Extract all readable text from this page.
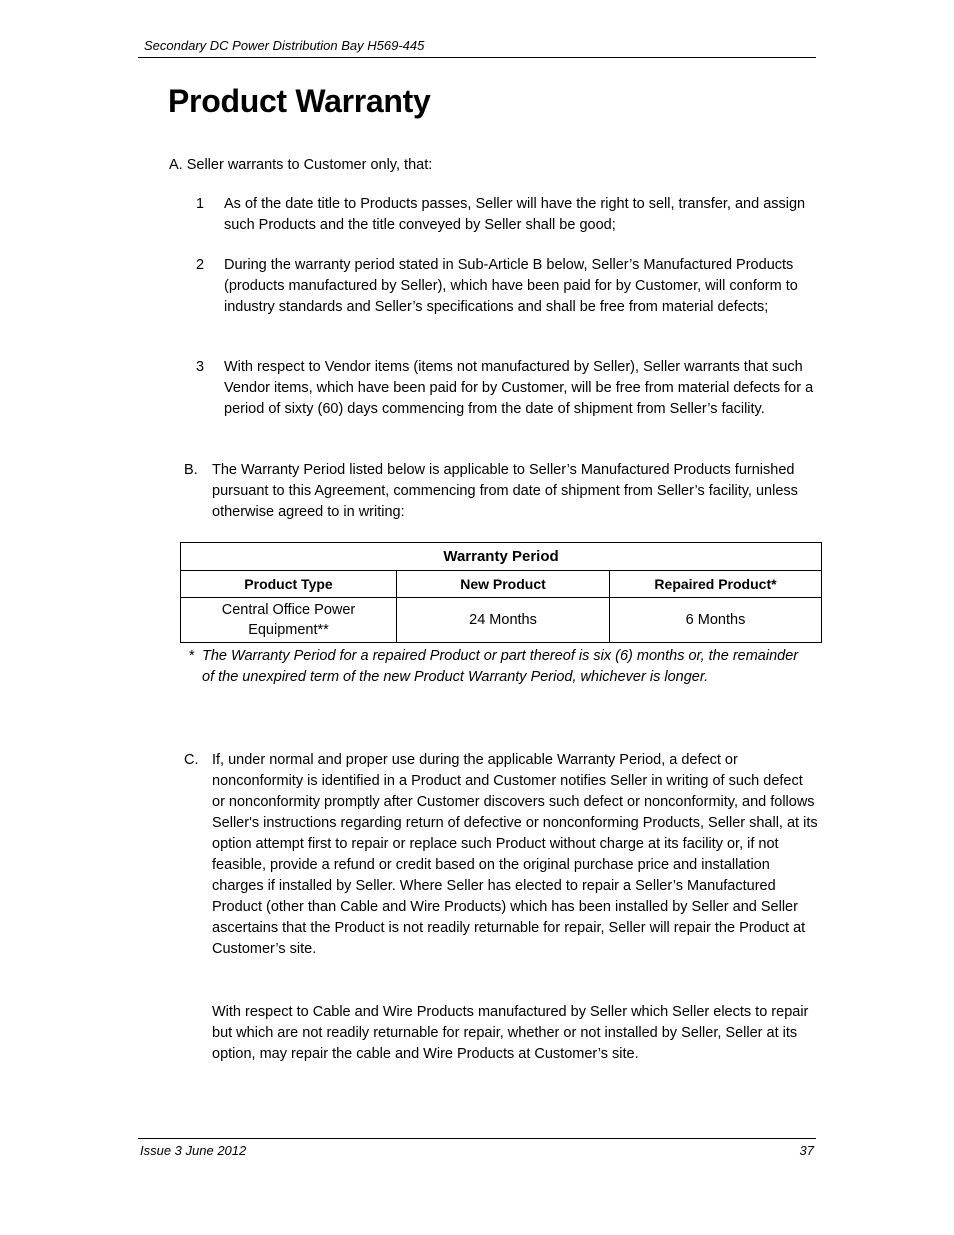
Secondary DC Power Distribution Bay H569-445
Product Warranty
A. Seller warrants to Customer only, that:
1 As of the date title to Products passes, Seller will have the right to sell, transfer, and assign such Products and the title conveyed by Seller shall be good;
2 During the warranty period stated in Sub-Article B below, Seller’s Manufactured Products (products manufactured by Seller), which have been paid for by Customer, will conform to industry standards and Seller’s specifications and shall be free from material defects;
3 With respect to Vendor items (items not manufactured by Seller), Seller warrants that such Vendor items, which have been paid for by Customer, will be free from material defects for a period of sixty (60) days commencing from the date of shipment from Seller’s facility.
B. The Warranty Period listed below is applicable to Seller’s Manufactured Products furnished pursuant to this Agreement, commencing from date of shipment from Seller’s facility, unless otherwise agreed to in writing:
Warranty Period		
Product Type	New Product	Repaired Product*
Central Office Power Equipment**	24 Months	6 Months
* The Warranty Period for a repaired Product or part thereof is six (6) months or, the remainder of the unexpired term of the new Product Warranty Period, whichever is longer.
C. If, under normal and proper use during the applicable Warranty Period, a defect or nonconformity is identified in a Product and Customer notifies Seller in writing of such defect or nonconformity promptly after Customer discovers such defect or nonconformity, and follows Seller's instructions regarding return of defective or nonconforming Products, Seller shall, at its option attempt first to repair or replace such Product without charge at its facility or, if not feasible, provide a refund or credit based on the original purchase price and installation charges if installed by Seller. Where Seller has elected to repair a Seller’s Manufactured Product (other than Cable and Wire Products) which has been installed by Seller and Seller ascertains that the Product is not readily returnable for repair, Seller will repair the Product at Customer’s site.
With respect to Cable and Wire Products manufactured by Seller which Seller elects to repair but which are not readily returnable for repair, whether or not installed by Seller, Seller at its option, may repair the cable and Wire Products at Customer’s site.
Issue 3 June 2012	37
